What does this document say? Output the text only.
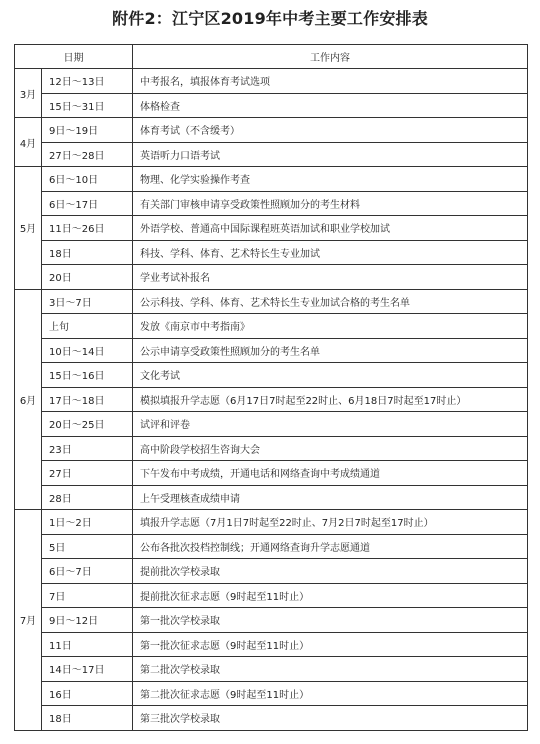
附件2：江宁区2019年中考主要工作安排表
日期		工作内容
3月	12日～13日	中考报名，填报体育考试选项
	15日～31日	体格检查
4月	9日～19日	体育考试（不含缓考）
	27日～28日	英语听力口语考试
5月	6日～10日	物理、化学实验操作考查
	6日～17日	有关部门审核申请享受政策性照顾加分的考生材料
	11日～26日	外语学校、普通高中国际课程班英语加试和职业学校加试
	18日	科技、学科、体育、艺术特长生专业加试
	20日	学业考试补报名
6月	3日～7日	公示科技、学科、体育、艺术特长生专业加试合格的考生名单
	上旬	发放《南京市中考指南》
	10日～14日	公示申请享受政策性照顾加分的考生名单
	15日～16日	文化考试
	17日～18日	模拟填报升学志愿（6月17日7时起至22时止、6月18日7时起至17时止）
	20日～25日	试评和评卷
	23日	高中阶段学校招生咨询大会
	27日	下午发布中考成绩，开通电话和网络查询中考成绩通道
	28日	上午受理核查成绩申请
7月	1日～2日	填报升学志愿（7月1日7时起至22时止、7月2日7时起至17时止）
	5日	公布各批次投档控制线；开通网络查询升学志愿通道
	6日～7日	提前批次学校录取
	7日	提前批次征求志愿（9时起至11时止）
	9日～12日	第一批次学校录取
	11日	第一批次征求志愿（9时起至11时止）
	14日～17日	第二批次学校录取
	16日	第二批次征求志愿（9时起至11时止）
	18日	第三批次学校录取
